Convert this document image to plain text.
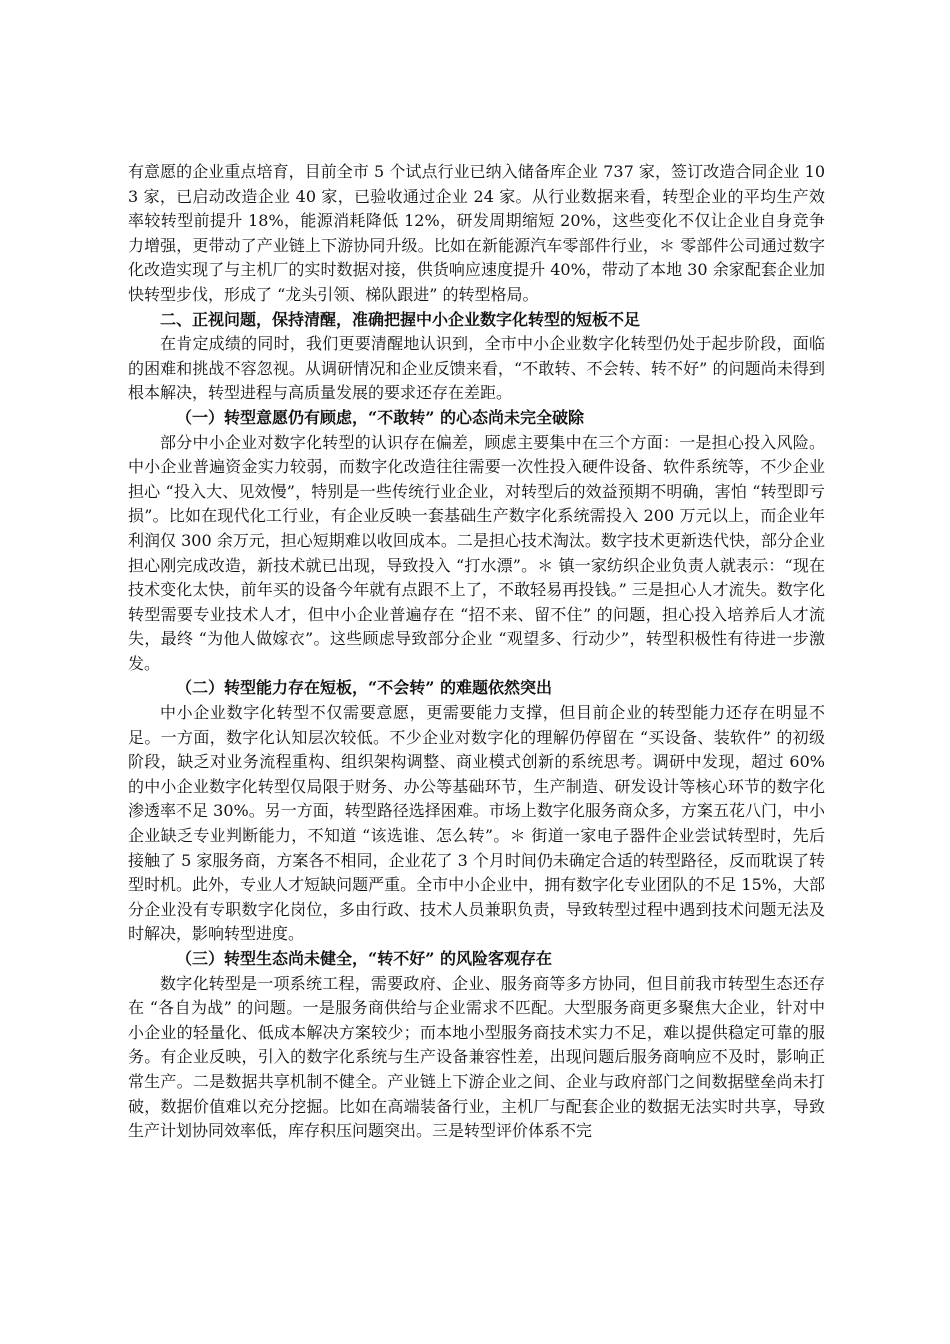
有意愿的企业重点培育，目前全市 5 个试点行业已纳入储备库企业 737 家，签订改造合同企业 103 家，已启动改造企业 40 家，已验收通过企业 24 家。从行业数据来看，转型企业的平均生产效率较转型前提升 18%，能源消耗降低 12%，研发周期缩短 20%，这些变化不仅让企业自身竞争力增强，更带动了产业链上下游协同升级。比如在新能源汽车零部件行业，＊ 零部件公司通过数字化改造实现了与主机厂的实时数据对接，供货响应速度提升 40%，带动了本地 30 余家配套企业加快转型步伐，形成了 “龙头引领、梯队跟进” 的转型格局。

二、正视问题，保持清醒，准确把握中小企业数字化转型的短板不足

在肯定成绩的同时，我们更要清醒地认识到，全市中小企业数字化转型仍处于起步阶段，面临的困难和挑战不容忽视。从调研情况和企业反馈来看，“不敢转、不会转、转不好” 的问题尚未得到根本解决，转型进程与高质量发展的要求还存在差距。

（一）转型意愿仍有顾虑，“不敢转” 的心态尚未完全破除

部分中小企业对数字化转型的认识存在偏差，顾虑主要集中在三个方面：一是担心投入风险。中小企业普遍资金实力较弱，而数字化改造往往需要一次性投入硬件设备、软件系统等，不少企业担心 “投入大、见效慢”，特别是一些传统行业企业，对转型后的效益预期不明确，害怕 “转型即亏损”。比如在现代化工行业，有企业反映一套基础生产数字化系统需投入 200 万元以上，而企业年利润仅 300 余万元，担心短期难以收回成本。二是担心技术淘汰。数字技术更新迭代快，部分企业担心刚完成改造，新技术就已出现，导致投入 “打水漂”。＊ 镇一家纺织企业负责人就表示：“现在技术变化太快，前年买的设备今年就有点跟不上了，不敢轻易再投钱。” 三是担心人才流失。数字化转型需要专业技术人才，但中小企业普遍存在 “招不来、留不住” 的问题，担心投入培养后人才流失，最终 “为他人做嫁衣”。这些顾虑导致部分企业 “观望多、行动少”，转型积极性有待进一步激发。

（二）转型能力存在短板，“不会转” 的难题依然突出

中小企业数字化转型不仅需要意愿，更需要能力支撑，但目前企业的转型能力还存在明显不足。一方面，数字化认知层次较低。不少企业对数字化的理解仍停留在 “买设备、装软件” 的初级阶段，缺乏对业务流程重构、组织架构调整、商业模式创新的系统思考。调研中发现，超过 60% 的中小企业数字化转型仅局限于财务、办公等基础环节，生产制造、研发设计等核心环节的数字化渗透率不足 30%。另一方面，转型路径选择困难。市场上数字化服务商众多，方案五花八门，中小企业缺乏专业判断能力，不知道 “该选谁、怎么转”。＊ 街道一家电子器件企业尝试转型时，先后接触了 5 家服务商，方案各不相同，企业花了 3 个月时间仍未确定合适的转型路径，反而耽误了转型时机。此外，专业人才短缺问题严重。全市中小企业中，拥有数字化专业团队的不足 15%，大部分企业没有专职数字化岗位，多由行政、技术人员兼职负责，导致转型过程中遇到技术问题无法及时解决，影响转型进度。

（三）转型生态尚未健全，“转不好” 的风险客观存在

数字化转型是一项系统工程，需要政府、企业、服务商等多方协同，但目前我市转型生态还存在 “各自为战” 的问题。一是服务商供给与企业需求不匹配。大型服务商更多聚焦大企业，针对中小企业的轻量化、低成本解决方案较少；而本地小型服务商技术实力不足，难以提供稳定可靠的服务。有企业反映，引入的数字化系统与生产设备兼容性差，出现问题后服务商响应不及时，影响正常生产。二是数据共享机制不健全。产业链上下游企业之间、企业与政府部门之间数据壁垒尚未打破，数据价值难以充分挖掘。比如在高端装备行业，主机厂与配套企业的数据无法实时共享，导致生产计划协同效率低，库存积压问题突出。三是转型评价体系不完
